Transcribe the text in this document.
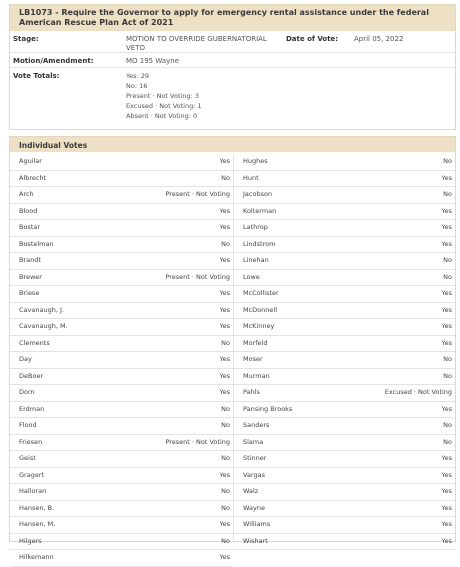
LB1073 - Require the Governor to apply for emergency rental assistance under the federal American Rescue Plan Act of 2021
Stage:	MOTION TO OVERRIDE GUBERNATORIAL
VETO
Date of Vote: April 05, 2022
Motion/Amendment:	MO 195 Wayne
Vote Totals:	Yes: 29
No: 16
Present · Not Voting: 3
Excused · Not Voting: 1
Absent · Not Voting: 0
Individual Votes
Aguilar	Yes
Albrecht	No
Arch	Present · Not Voting
Blood	Yes
Bostar	Yes
Bostelman	No
Brandt	Yes
Brewer	Present · Not Voting
Briese	Yes
Cavanaugh, J.	Yes
Cavanaugh, M.	Yes
Clements	No
Day	Yes
DeBoer	Yes
Dorn	Yes
Erdman	No
Flood	No
Friesen	Present · Not Voting
Geist	No
Gragert	Yes
Halloran	No
Hansen, B.	No
Hansen, M.	Yes
Hilgers	No
Hilkemann	Yes
Hughes	No
Hunt	Yes
Jacobson	No
Kolterman	Yes
Lathrop	Yes
Lindstrom	Yes
Linehan	No
Lowe	No
McCollister	Yes
McDonnell	Yes
McKinney	Yes
Morfeld	Yes
Moser	No
Murman	No
Pahls	Excused · Not Voting
Pansing Brooks	Yes
Sanders	No
Slama	No
Stinner	Yes
Vargas	Yes
Walz	Yes
Wayne	Yes
Williams	Yes
Wishart	Yes
